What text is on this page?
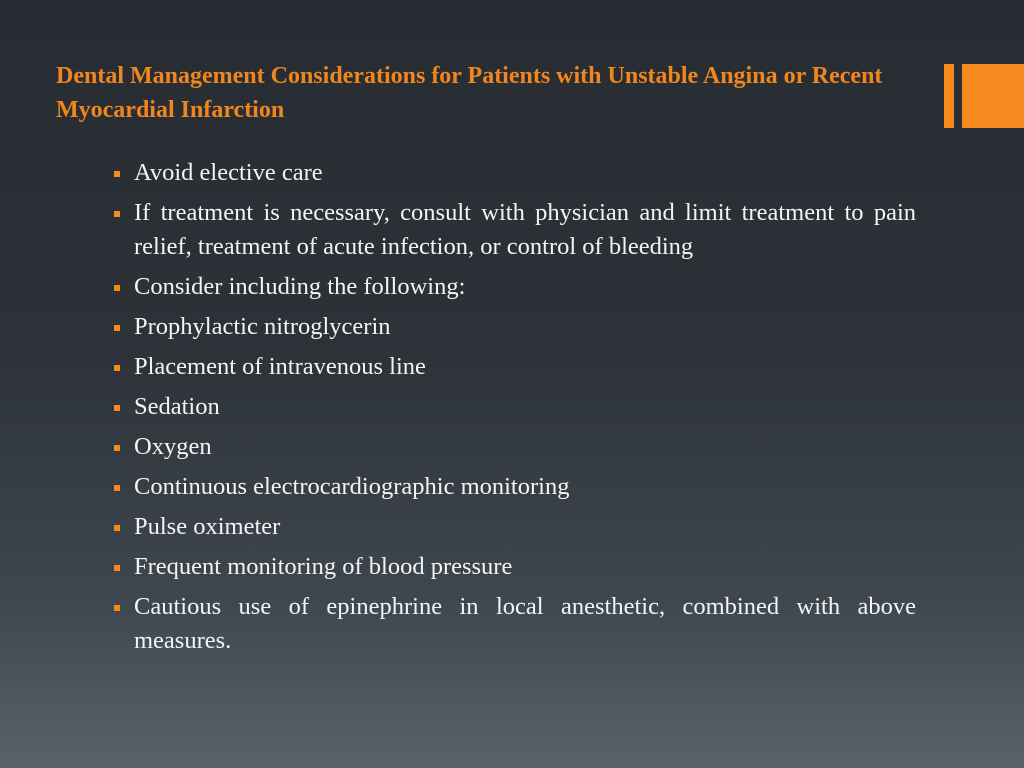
Dental Management Considerations for Patients with Unstable Angina or Recent Myocardial Infarction
Avoid elective care
If treatment is necessary, consult with physician and limit treatment to pain relief, treatment of acute infection, or control of bleeding
Consider including the following:
Prophylactic nitroglycerin
Placement of intravenous line
Sedation
Oxygen
Continuous electrocardiographic monitoring
Pulse oximeter
Frequent monitoring of blood pressure
Cautious use of epinephrine in local anesthetic, combined with above measures.
